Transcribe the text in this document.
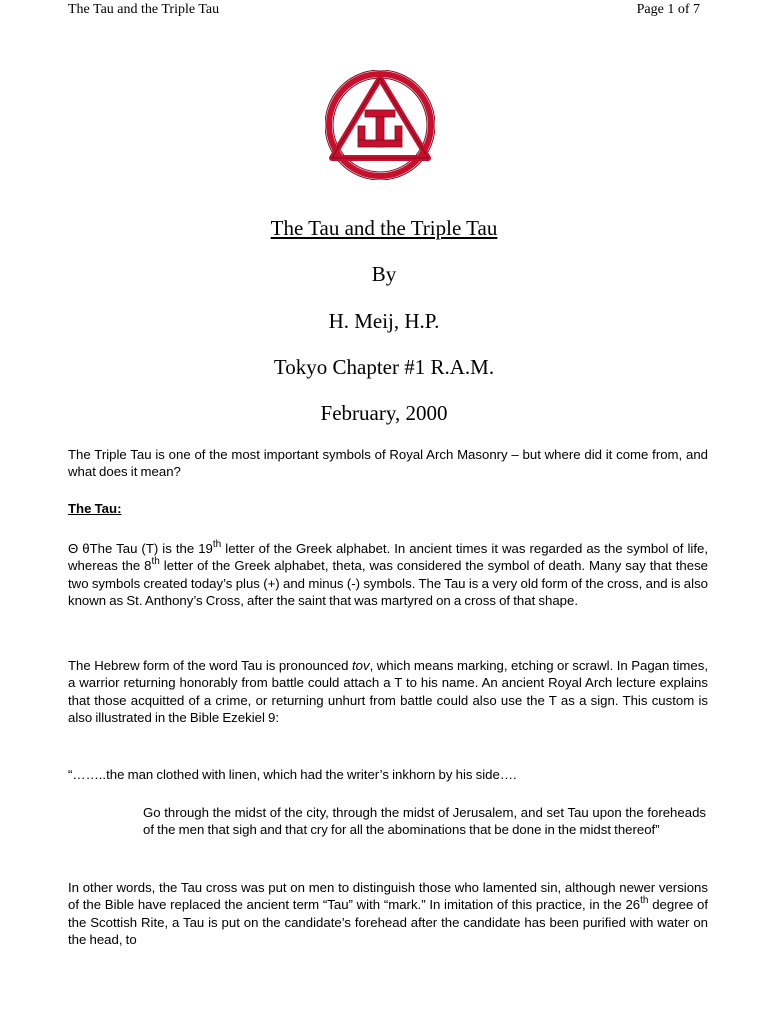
The Tau and the Triple Tau	Page 1 of 7
The Tau and the Triple Tau
By
H. Meij, H.P.
Tokyo Chapter #1 R.A.M.
February, 2000

The Triple Tau is one of the most important symbols of Royal Arch Masonry – but where did it come from, and what does it mean?

The Tau:

Θ θThe Tau (T) is the 19th letter of the Greek alphabet. In ancient times it was regarded as the symbol of life, whereas the 8th letter of the Greek alphabet, theta, was considered the symbol of death. Many say that these two symbols created today’s plus (+) and minus (-) symbols. The Tau is a very old form of the cross, and is also known as St. Anthony’s Cross, after the saint that was martyred on a cross of that shape.

The Hebrew form of the word Tau is pronounced tov, which means marking, etching or scrawl. In Pagan times, a warrior returning honorably from battle could attach a T to his name. An ancient Royal Arch lecture explains that those acquitted of a crime, or returning unhurt from battle could also use the T as a sign. This custom is also illustrated in the Bible Ezekiel 9:

“……..the man clothed with linen, which had the writer’s inkhorn by his side….

Go through the midst of the city, through the midst of Jerusalem, and set Tau upon the foreheads of the men that sigh and that cry for all the abominations that be done in the midst thereof”

In other words, the Tau cross was put on men to distinguish those who lamented sin, although newer versions of the Bible have replaced the ancient term “Tau” with “mark.” In imitation of this practice, in the 26th degree of the Scottish Rite, a Tau is put on the candidate’s forehead after the candidate has been purified with water on the head, to
